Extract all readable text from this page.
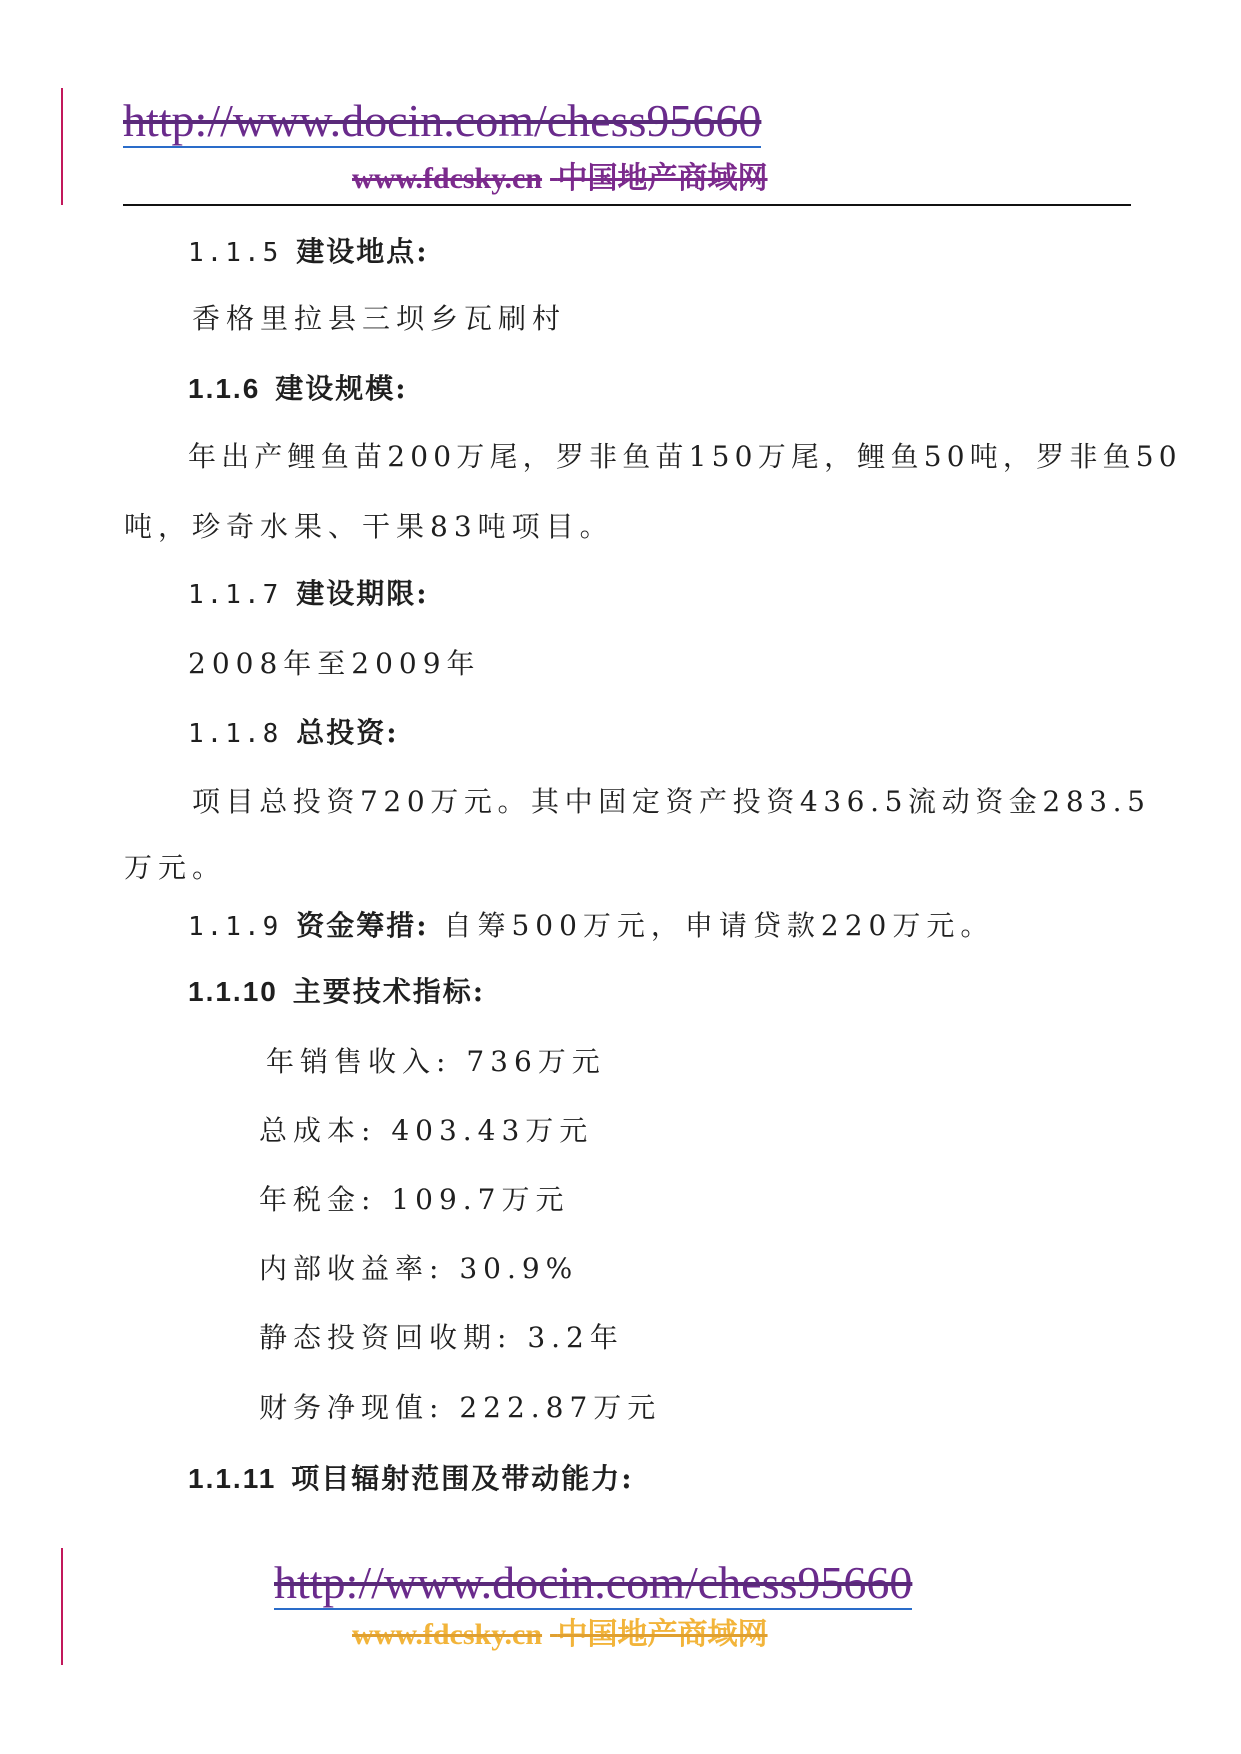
http://www.docin.com/chess95660
www.fdcsky.cn 中国地产商域网
1.1.5 建设地点:
香格里拉县三坝乡瓦刷村
1.1.6 建设规模:
年出产鲤鱼苗200万尾，罗非鱼苗150万尾，鲤鱼50吨，罗非鱼50
吨，珍奇水果、干果83吨项目。
1.1.7 建设期限:
2008年至2009年
1.1.8 总投资:
项目总投资720万元。其中固定资产投资436.5流动资金283.5
万元。
1.1.9 资金筹措: 自筹500万元，申请贷款220万元。
1.1.10 主要技术指标:
年销售收入: 736万元
总成本: 403.43万元
年税金: 109.7万元
内部收益率: 30.9%
静态投资回收期: 3.2年
财务净现值: 222.87万元
1.1.11 项目辐射范围及带动能力:
http://www.docin.com/chess95660
www.fdcsky.cn 中国地产商域网
